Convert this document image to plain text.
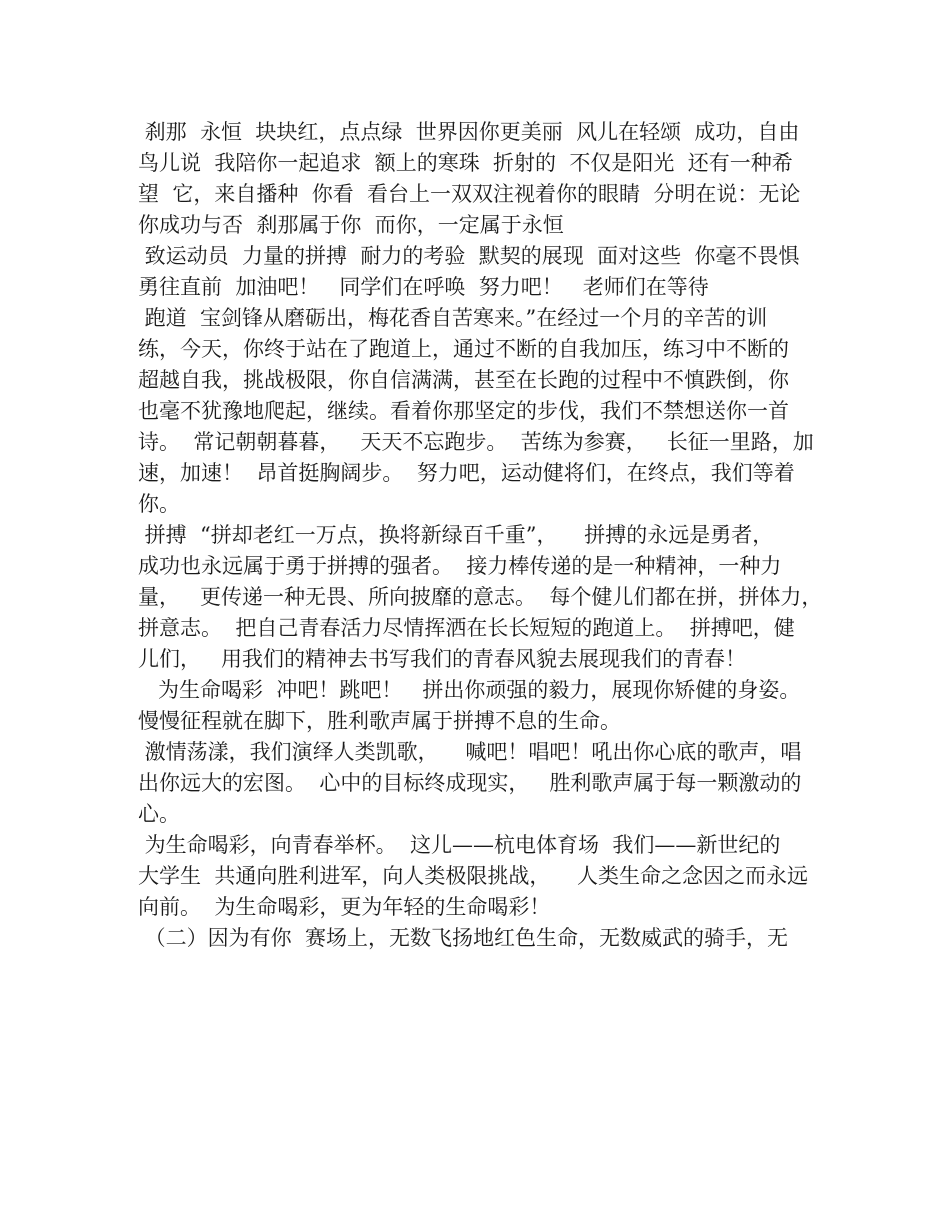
刹那  永恒  块块红，点点绿  世界因你更美丽  风儿在轻颂  成功，自由
鸟儿说  我陪你一起追求  额上的寒珠  折射的  不仅是阳光  还有一种希
望  它，来自播种  你看  看台上一双双注视着你的眼睛  分明在说：无论
你成功与否  刹那属于你  而你，一定属于永恒
致运动员  力量的拼搏  耐力的考验  默契的展现  面对这些  你毫不畏惧
勇往直前  加油吧！   同学们在呼唤  努力吧！   老师们在等待
跑道  宝剑锋从磨砺出，梅花香自苦寒来。”在经过一个月的辛苦的训
练，今天，你终于站在了跑道上，通过不断的自我加压，练习中不断的
超越自我，挑战极限，你自信满满，甚至在长跑的过程中不慎跌倒，你
也毫不犹豫地爬起，继续。看着你那坚定的步伐，我们不禁想送你一首
诗。  常记朝朝暮暮，   天天不忘跑步。  苦练为参赛，   长征一里路，加
速，加速！  昂首挺胸阔步。  努力吧，运动健将们，在终点，我们等着
你。
拼搏  “拼却老红一万点，换将新绿百千重”，    拼搏的永远是勇者，
成功也永远属于勇于拼搏的强者。  接力棒传递的是一种精神，一种力
量，   更传递一种无畏、所向披靡的意志。  每个健儿们都在拼，拼体力，
拼意志。  把自己青春活力尽情挥洒在长长短短的跑道上。  拼搏吧，健
儿们，   用我们的精神去书写我们的青春风貌去展现我们的青春！
为生命喝彩  冲吧！跳吧！   拼出你顽强的毅力，展现你矫健的身姿。
慢慢征程就在脚下，胜利歌声属于拼搏不息的生命。
激情荡漾，我们演绎人类凯歌，    喊吧！唱吧！吼出你心底的歌声，唱
出你远大的宏图。  心中的目标终成现实，   胜利歌声属于每一颗激动的
心。
为生命喝彩，向青春举杯。  这儿——杭电体育场  我们——新世纪的
大学生  共通向胜利进军，向人类极限挑战，    人类生命之念因之而永远
向前。  为生命喝彩，更为年轻的生命喝彩！
（二）因为有你  赛场上，无数飞扬地红色生命，无数威武的骑手，无
